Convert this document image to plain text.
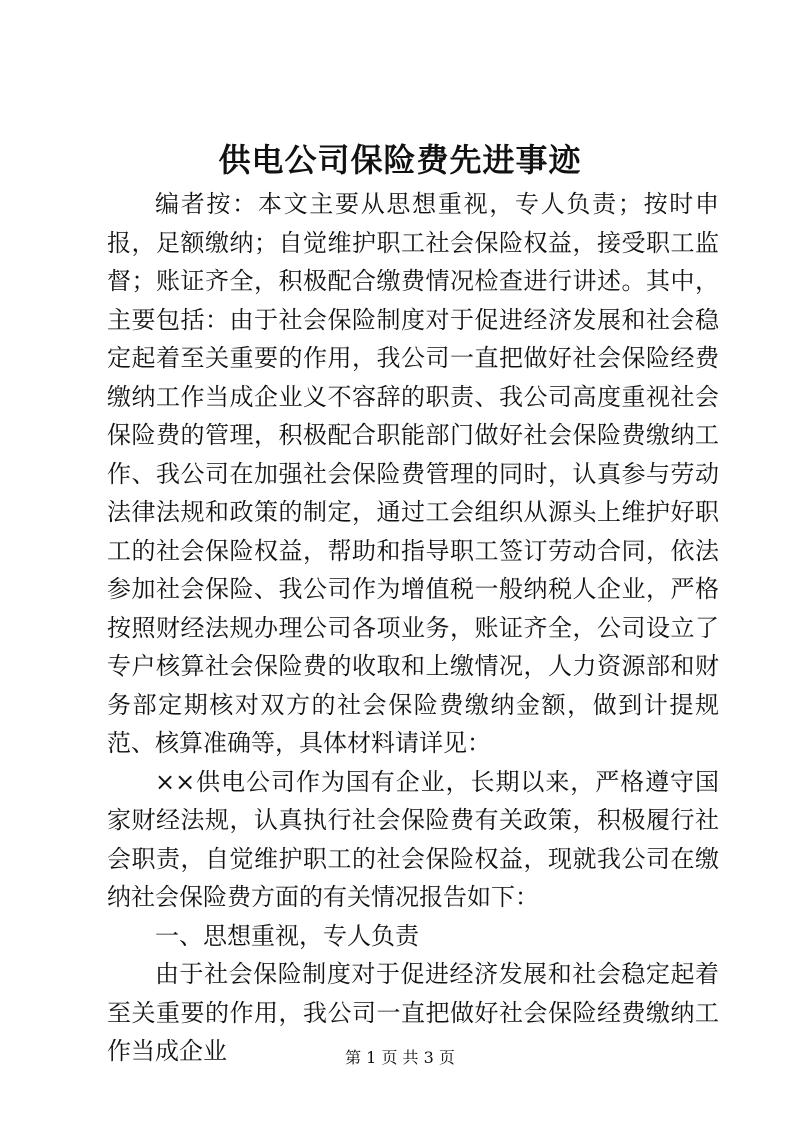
供电公司保险费先进事迹

编者按：本文主要从思想重视，专人负责；按时申报，足额缴纳；自觉维护职工社会保险权益，接受职工监督；账证齐全，积极配合缴费情况检查进行讲述。其中，主要包括：由于社会保险制度对于促进经济发展和社会稳定起着至关重要的作用，我公司一直把做好社会保险经费缴纳工作当成企业义不容辞的职责、我公司高度重视社会保险费的管理，积极配合职能部门做好社会保险费缴纳工作、我公司在加强社会保险费管理的同时，认真参与劳动法律法规和政策的制定，通过工会组织从源头上维护好职工的社会保险权益，帮助和指导职工签订劳动合同，依法参加社会保险、我公司作为增值税一般纳税人企业，严格按照财经法规办理公司各项业务，账证齐全，公司设立了专户核算社会保险费的收取和上缴情况，人力资源部和财务部定期核对双方的社会保险费缴纳金额，做到计提规范、核算准确等，具体材料请详见：

××供电公司作为国有企业，长期以来，严格遵守国家财经法规，认真执行社会保险费有关政策，积极履行社会职责，自觉维护职工的社会保险权益，现就我公司在缴纳社会保险费方面的有关情况报告如下：

一、思想重视，专人负责

由于社会保险制度对于促进经济发展和社会稳定起着至关重要的作用，我公司一直把做好社会保险经费缴纳工作当成企业	第 1 页 共 3 页
